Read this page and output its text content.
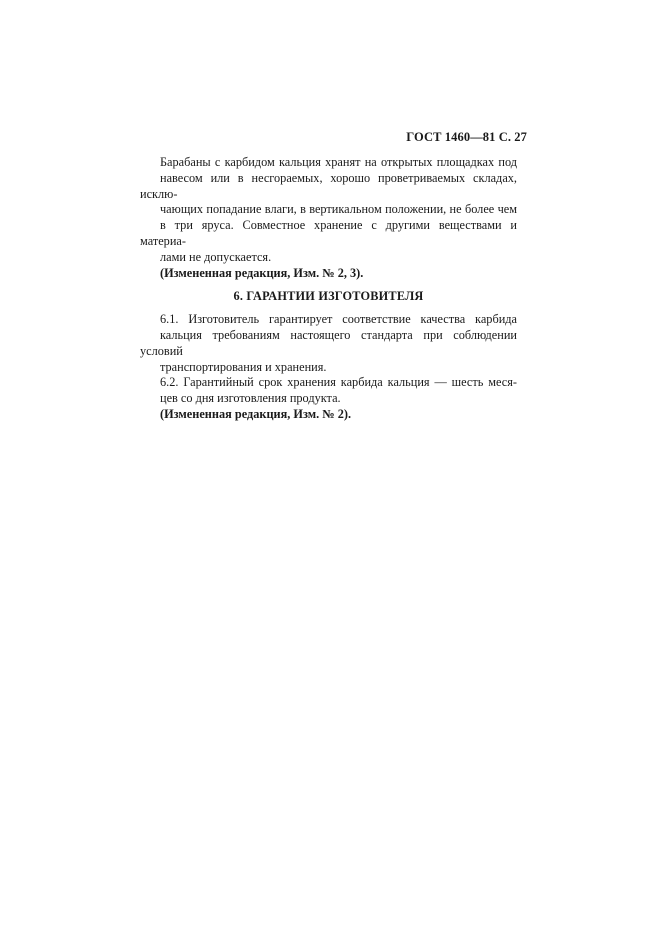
ГОСТ 1460—81 С. 27

Барабаны с карбидом кальция хранят на открытых площадках под
навесом или в несгораемых, хорошо проветриваемых складах, исклю-
чающих попадание влаги, в вертикальном положении, не более чем
в три яруса. Совместное хранение с другими веществами и материа-
лами не допускается.

(Измененная редакция, Изм. № 2, 3).

6. ГАРАНТИИ ИЗГОТОВИТЕЛЯ

6.1. Изготовитель гарантирует соответствие качества карбида
кальция требованиям настоящего стандарта при соблюдении условий
транспортирования и хранения.

6.2. Гарантийный срок хранения карбида кальция — шесть меся-
цев со дня изготовления продукта.

(Измененная редакция, Изм. № 2).
